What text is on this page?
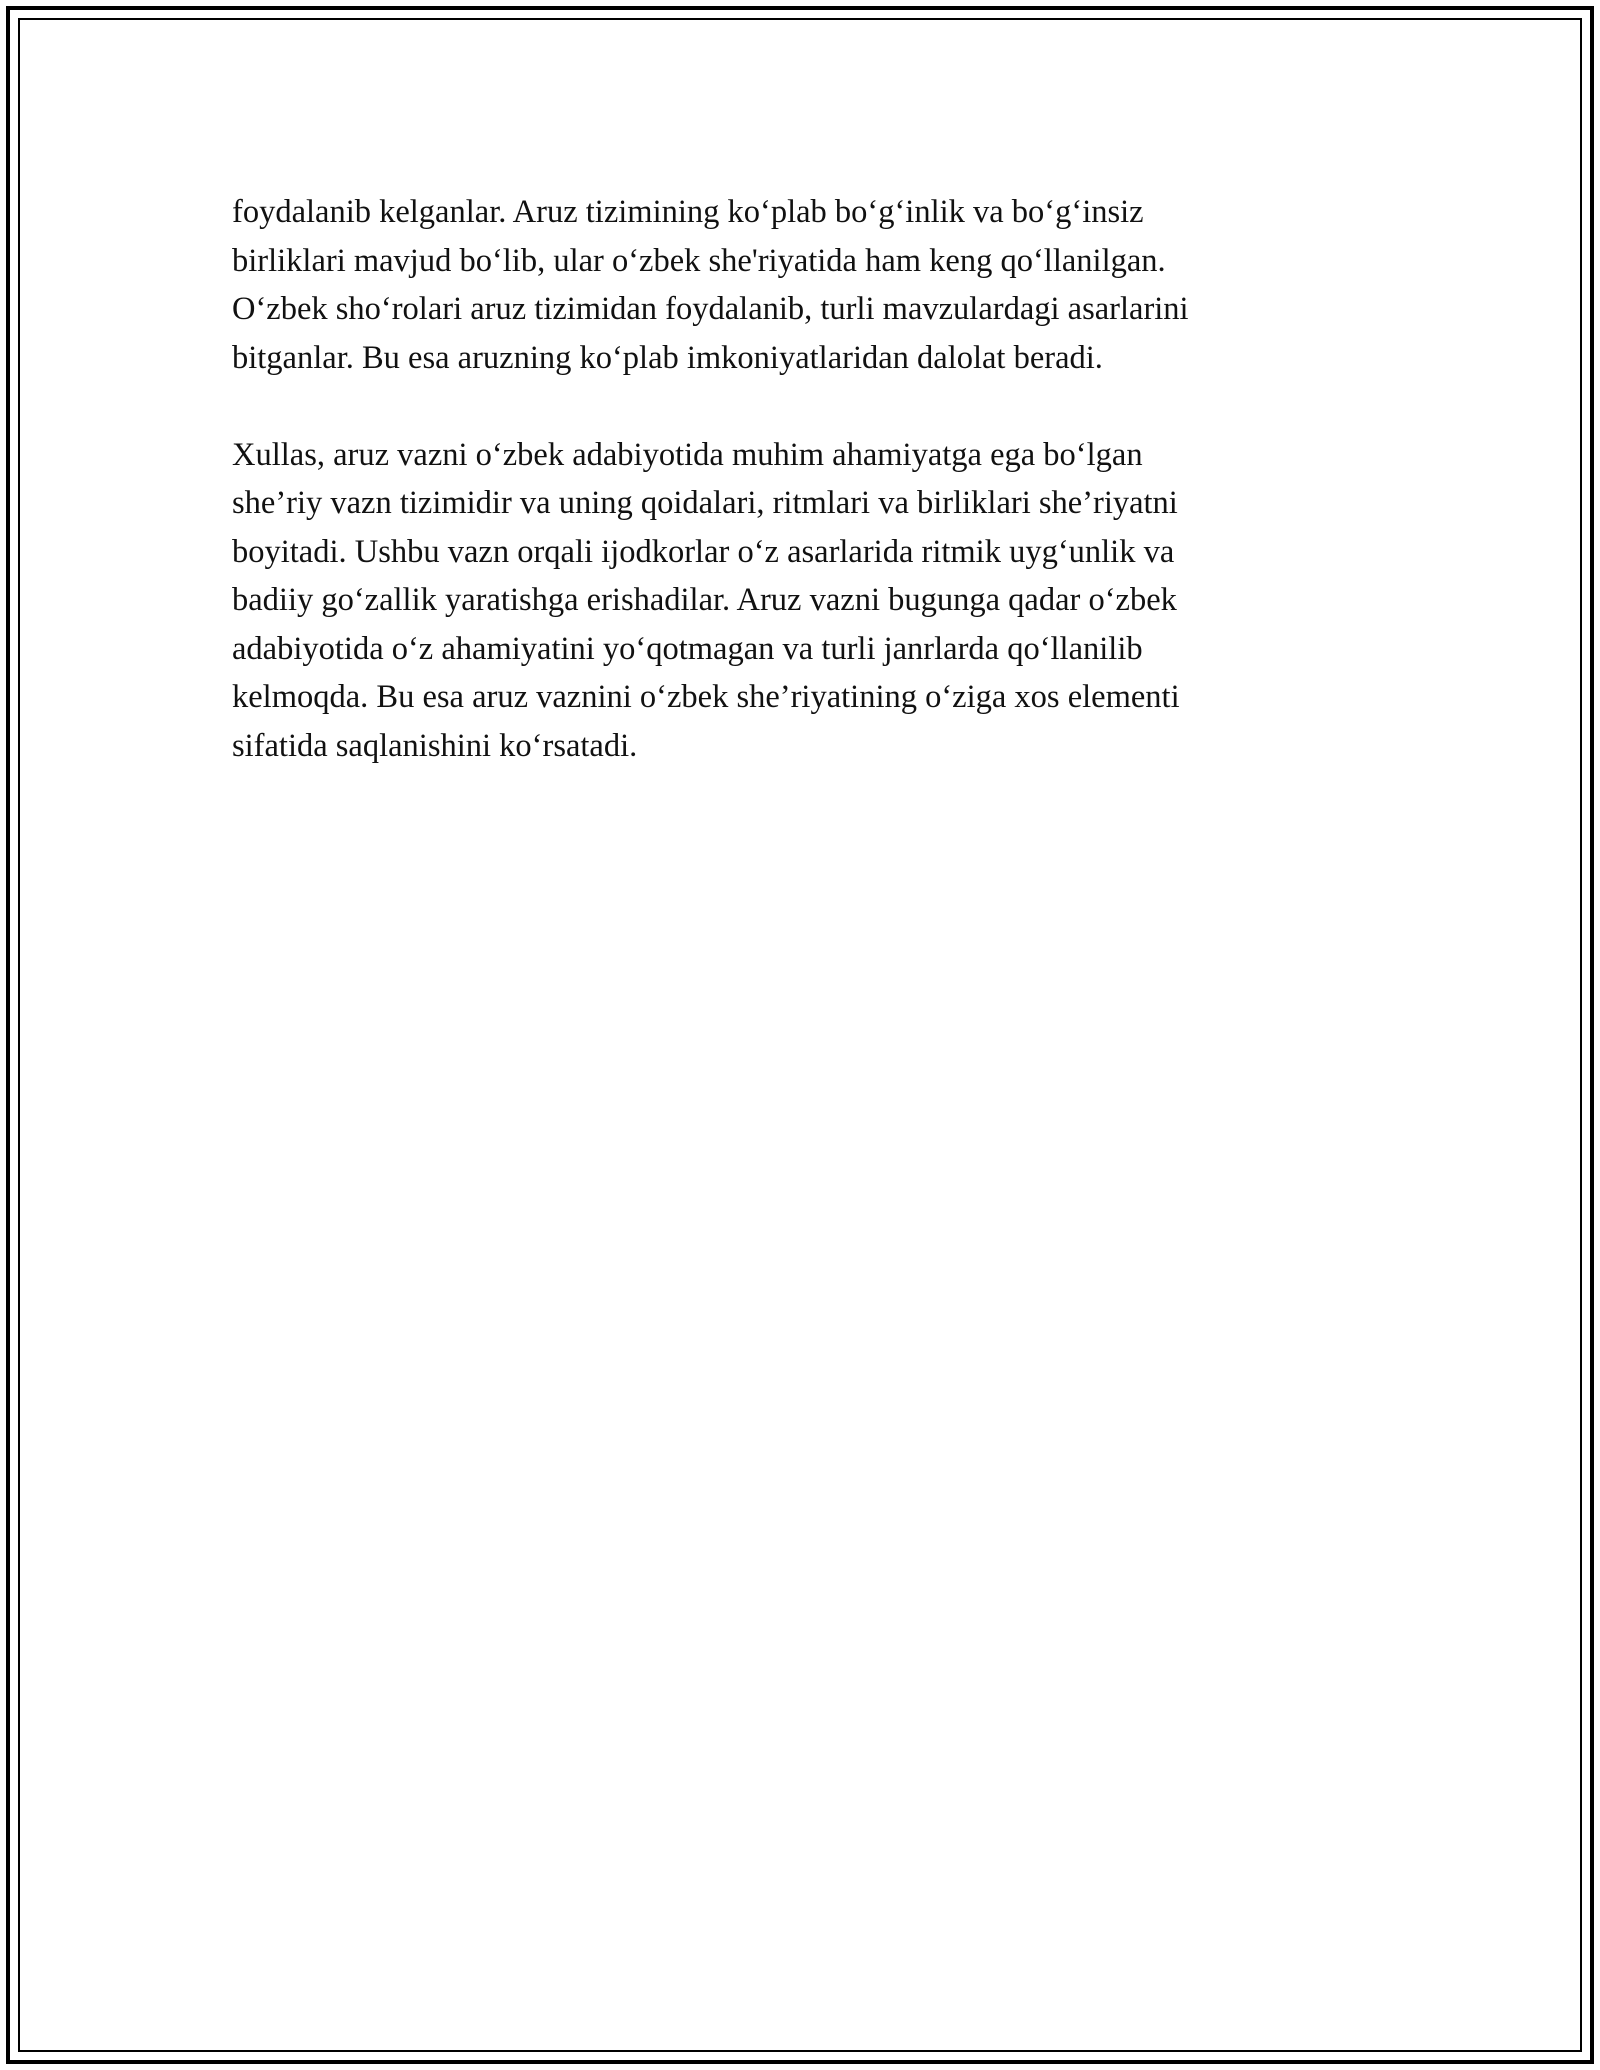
foydalanib kelganlar. Aruz tizimining ko‘plab bo‘g‘inlik va bo‘g‘insiz
birliklari mavjud bo‘lib, ular o‘zbek she'riyatida ham keng qo‘llanilgan.
O‘zbek sho‘rolari aruz tizimidan foydalanib, turli mavzulardagi asarlarini
bitganlar. Bu esa aruzning ko‘plab imkoniyatlaridan dalolat beradi.

Xullas, aruz vazni o‘zbek adabiyotida muhim ahamiyatga ega bo‘lgan
she’riy vazn tizimidir va uning qoidalari, ritmlari va birliklari she’riyatni
boyitadi. Ushbu vazn orqali ijodkorlar o‘z asarlarida ritmik uyg‘unlik va
badiiy go‘zallik yaratishga erishadilar. Aruz vazni bugunga qadar o‘zbek
adabiyotida o‘z ahamiyatini yo‘qotmagan va turli janrlarda qo‘llanilib
kelmoqda. Bu esa aruz vaznini o‘zbek she’riyatining o‘ziga xos elementi
sifatida saqlanishini ko‘rsatadi.
